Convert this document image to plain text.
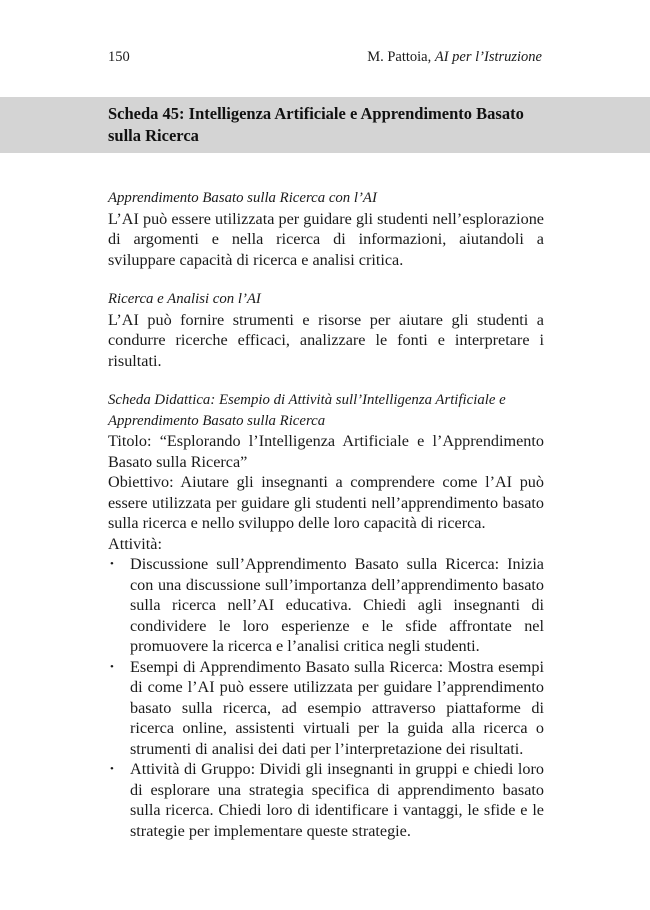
150	M. Pattoia, AI per l’Istruzione
Scheda 45: Intelligenza Artificiale e Apprendimento Basato sulla Ricerca
Apprendimento Basato sulla Ricerca con l’AI
L’AI può essere utilizzata per guidare gli studenti nell’esplorazione di argomenti e nella ricerca di informazioni, aiutandoli a sviluppare capacità di ricerca e analisi critica.
Ricerca e Analisi con l’AI
L’AI può fornire strumenti e risorse per aiutare gli studenti a condurre ricerche efficaci, analizzare le fonti e interpretare i risultati.
Scheda Didattica: Esempio di Attività sull’Intelligenza Artificiale e Apprendimento Basato sulla Ricerca
Titolo: “Esplorando l’Intelligenza Artificiale e l’Apprendimento Basato sulla Ricerca”
Obiettivo: Aiutare gli insegnanti a comprendere come l’AI può essere utilizzata per guidare gli studenti nell’apprendimento basato sulla ricerca e nello sviluppo delle loro capacità di ricerca.
Attività:
• Discussione sull’Apprendimento Basato sulla Ricerca: Inizia con una discussione sull’importanza dell’apprendimento basato sulla ricerca nell’AI educativa. Chiedi agli insegnanti di condividere le loro esperienze e le sfide affrontate nel promuovere la ricerca e l’analisi critica negli studenti.
• Esempi di Apprendimento Basato sulla Ricerca: Mostra esempi di come l’AI può essere utilizzata per guidare l’apprendimento basato sulla ricerca, ad esempio attraverso piattaforme di ricerca online, assistenti virtuali per la guida alla ricerca o strumenti di analisi dei dati per l’interpretazione dei risultati.
• Attività di Gruppo: Dividi gli insegnanti in gruppi e chiedi loro di esplorare una strategia specifica di apprendimento basato sulla ricerca. Chiedi loro di identificare i vantaggi, le sfide e le strategie per implementare queste strategie.
